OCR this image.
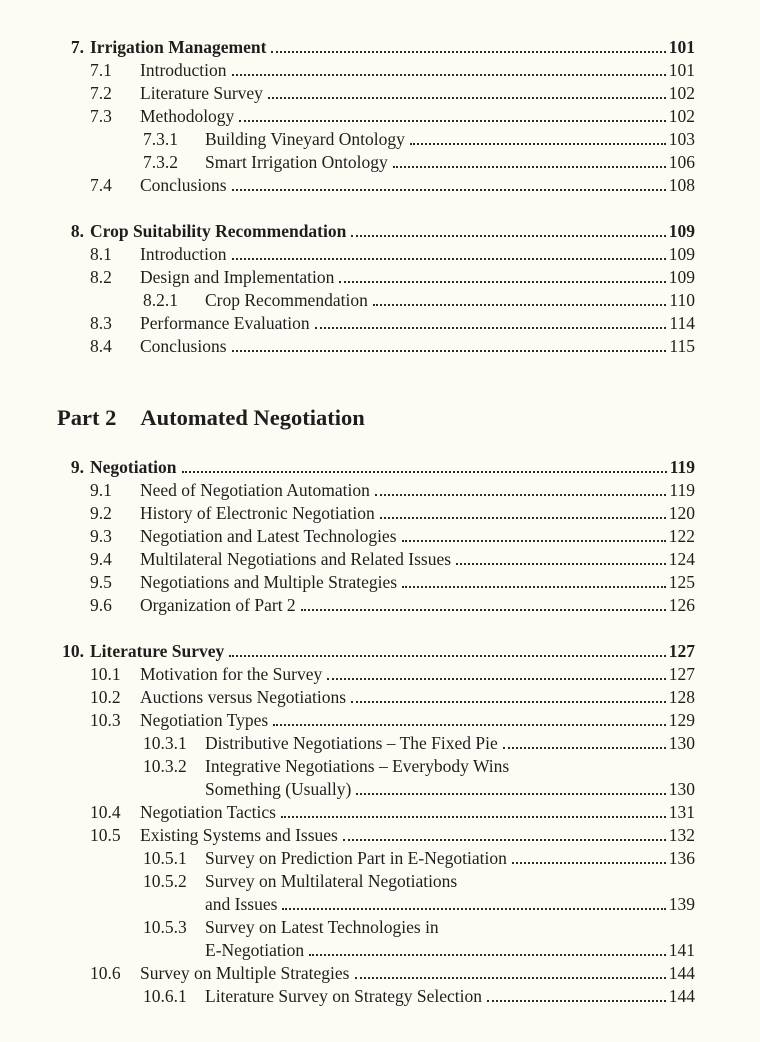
7. Irrigation Management	101
7.1	Introduction	101
7.2	Literature Survey	102
7.3	Methodology	102
7.3.1	Building Vineyard Ontology	103
7.3.2	Smart Irrigation Ontology	106
7.4	Conclusions	108
8. Crop Suitability Recommendation	109
8.1	Introduction	109
8.2	Design and Implementation	109
8.2.1	Crop Recommendation	110
8.3	Performance Evaluation	114
8.4	Conclusions	115
Part 2 Automated Negotiation
9. Negotiation	119
9.1	Need of Negotiation Automation	119
9.2	History of Electronic Negotiation	120
9.3	Negotiation and Latest Technologies	122
9.4	Multilateral Negotiations and Related Issues	124
9.5	Negotiations and Multiple Strategies	125
9.6	Organization of Part 2	126
10. Literature Survey	127
10.1	Motivation for the Survey	127
10.2	Auctions versus Negotiations	128
10.3	Negotiation Types	129
10.3.1	Distributive Negotiations – The Fixed Pie	130
10.3.2	Integrative Negotiations – Everybody Wins
Something (Usually)	130
10.4	Negotiation Tactics	131
10.5	Existing Systems and Issues	132
10.5.1	Survey on Prediction Part in E-Negotiation	136
10.5.2	Survey on Multilateral Negotiations
and Issues	139
10.5.3	Survey on Latest Technologies in
E-Negotiation	141
10.6	Survey on Multiple Strategies	144
10.6.1	Literature Survey on Strategy Selection	144
